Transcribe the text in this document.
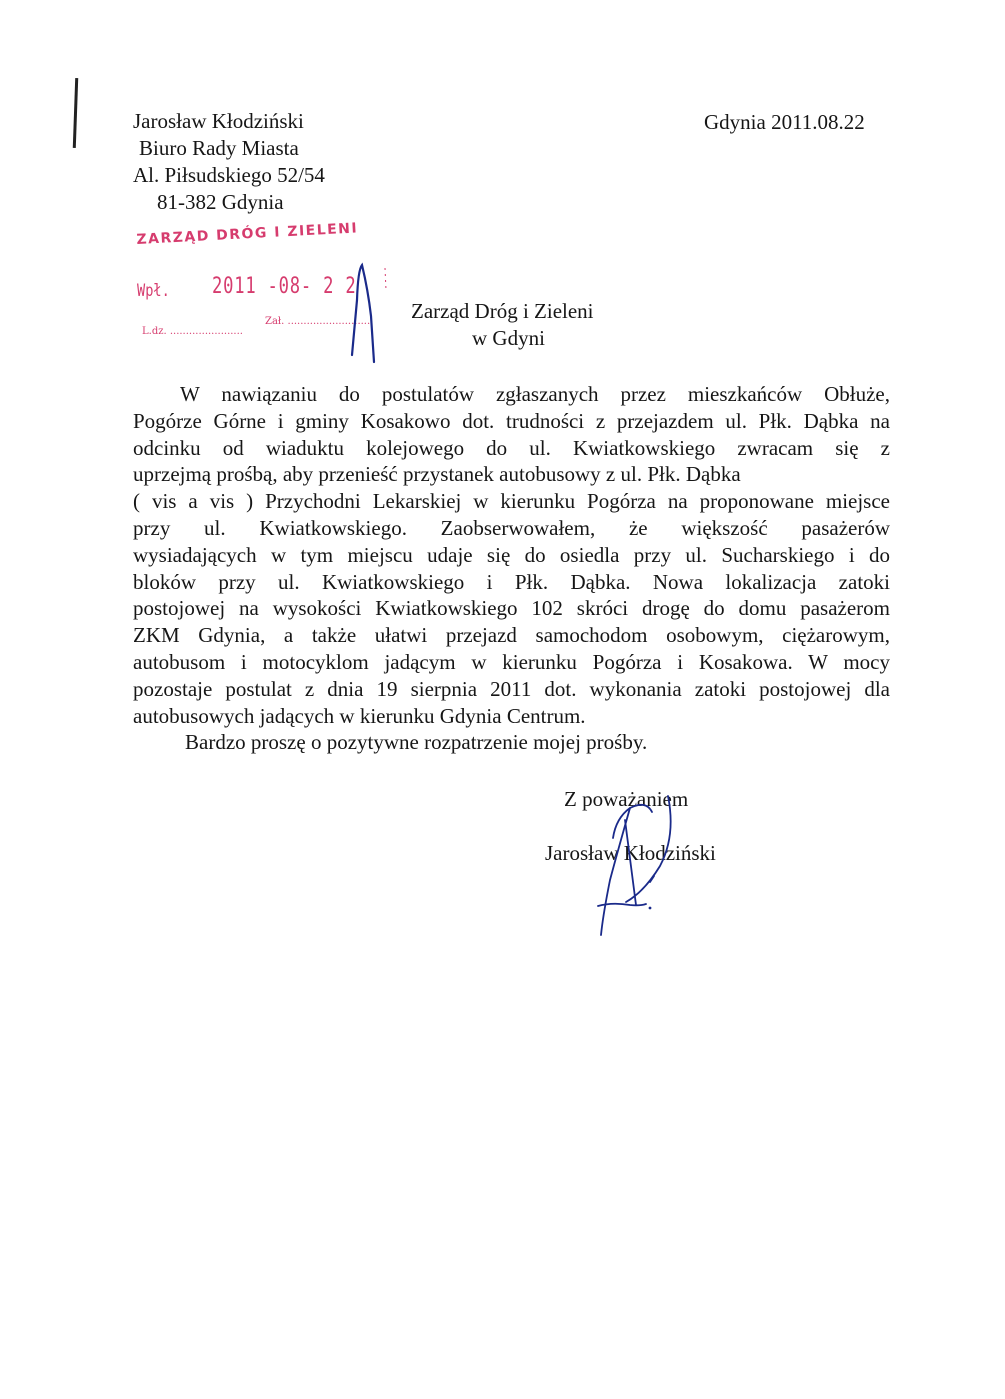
Jarosław Kłodziński
Biuro Rady Miasta
Al. Piłsudskiego 52/54
81-382 Gdynia
Gdynia 2011.08.22
ZARZĄD DRÓG I ZIELENI
Wpł. 2011 -08- 2 2
L.dz. .......................
Zał. .......................... Zarząd Dróg i Zieleni
w Gdyni
W nawiązaniu do postulatów zgłaszanych przez mieszkańców Obłuże,
Pogórze Górne i gminy Kosakowo dot. trudności z przejazdem ul. Płk. Dąbka na
odcinku od wiaduktu kolejowego do ul. Kwiatkowskiego zwracam się z
uprzejmą prośbą, aby przenieść przystanek autobusowy z ul. Płk. Dąbka
( vis a vis ) Przychodni Lekarskiej w kierunku Pogórza na proponowane miejsce
przy ul. Kwiatkowskiego. Zaobserwowałem, że większość pasażerów
wysiadających w tym miejscu udaje się do osiedla przy ul. Sucharskiego i do
bloków przy ul. Kwiatkowskiego i Płk. Dąbka. Nowa lokalizacja zatoki
postojowej na wysokości Kwiatkowskiego 102 skróci drogę do domu pasażerom
ZKM Gdynia, a także ułatwi przejazd samochodom osobowym, ciężarowym,
autobusom i motocyklom jadącym w kierunku Pogórza i Kosakowa. W mocy
pozostaje postulat z dnia 19 sierpnia 2011 dot. wykonania zatoki postojowej dla
autobusowych jadących w kierunku Gdynia Centrum.
Bardzo proszę o pozytywne rozpatrzenie mojej prośby.
Z poważaniem
Jarosław Kłodziński
